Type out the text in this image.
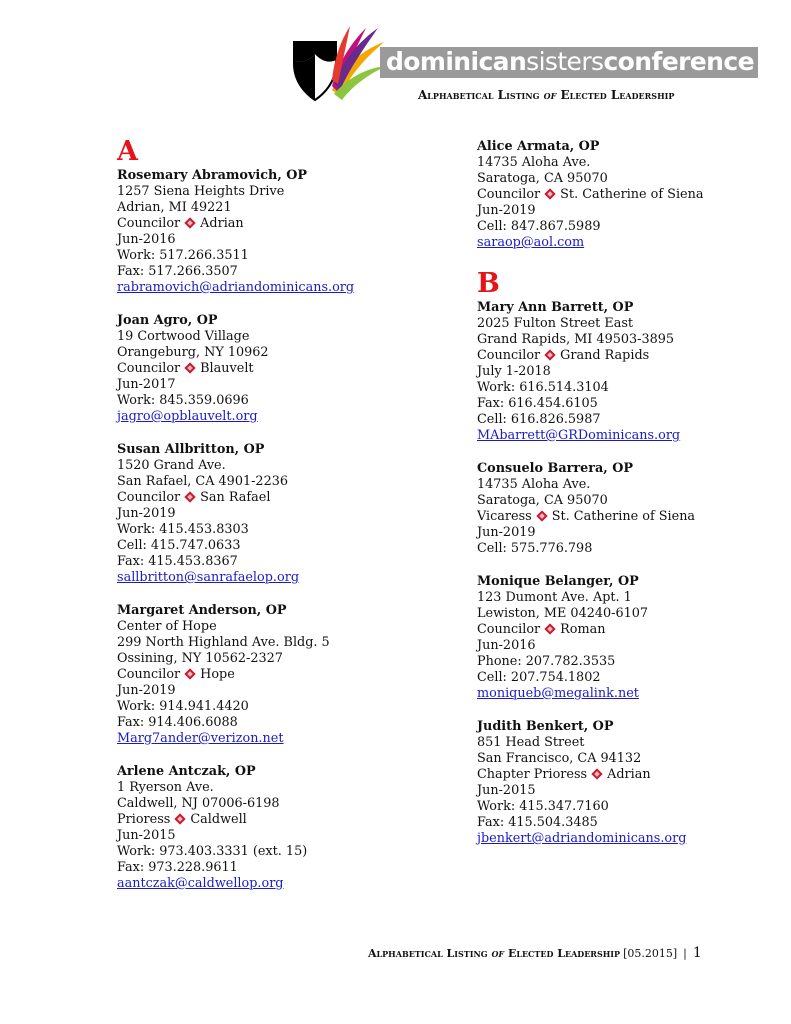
dominicansistersconference
Alphabetical Listing of Elected Leadership
A
Rosemary Abramovich, OP
1257 Siena Heights Drive
Adrian, MI 49221
Councilor Adrian
Jun-2016
Work: 517.266.3511
Fax: 517.266.3507
rabramovich@adriandominicans.org
Joan Agro, OP
19 Cortwood Village
Orangeburg, NY 10962
Councilor Blauvelt
Jun-2017
Work: 845.359.0696
jagro@opblauvelt.org
Susan Allbritton, OP
1520 Grand Ave.
San Rafael, CA 4901-2236
Councilor San Rafael
Jun-2019
Work: 415.453.8303
Cell: 415.747.0633
Fax: 415.453.8367
sallbritton@sanrafaelop.org
Margaret Anderson, OP
Center of Hope
299 North Highland Ave. Bldg. 5
Ossining, NY 10562-2327
Councilor Hope
Jun-2019
Work: 914.941.4420
Fax: 914.406.6088
Marg7ander@verizon.net
Arlene Antczak, OP
1 Ryerson Ave.
Caldwell, NJ 07006-6198
Prioress Caldwell
Jun-2015
Work: 973.403.3331 (ext. 15)
Fax: 973.228.9611
aantczak@caldwellop.org
Alice Armata, OP
14735 Aloha Ave.
Saratoga, CA 95070
Councilor St. Catherine of Siena
Jun-2019
Cell: 847.867.5989
saraop@aol.com
B
Mary Ann Barrett, OP
2025 Fulton Street East
Grand Rapids, MI 49503-3895
Councilor Grand Rapids
July 1-2018
Work: 616.514.3104
Fax: 616.454.6105
Cell: 616.826.5987
MAbarrett@GRDominicans.org
Consuelo Barrera, OP
14735 Aloha Ave.
Saratoga, CA 95070
Vicaress St. Catherine of Siena
Jun-2019
Cell: 575.776.798
Monique Belanger, OP
123 Dumont Ave. Apt. 1
Lewiston, ME 04240-6107
Councilor Roman
Jun-2016
Phone: 207.782.3535
Cell: 207.754.1802
moniqueb@megalink.net
Judith Benkert, OP
851 Head Street
San Francisco, CA 94132
Chapter Prioress Adrian
Jun-2015
Work: 415.347.7160
Fax: 415.504.3485
jbenkert@adriandominicans.org
Alphabetical Listing of Elected Leadership [05.2015] | 1
